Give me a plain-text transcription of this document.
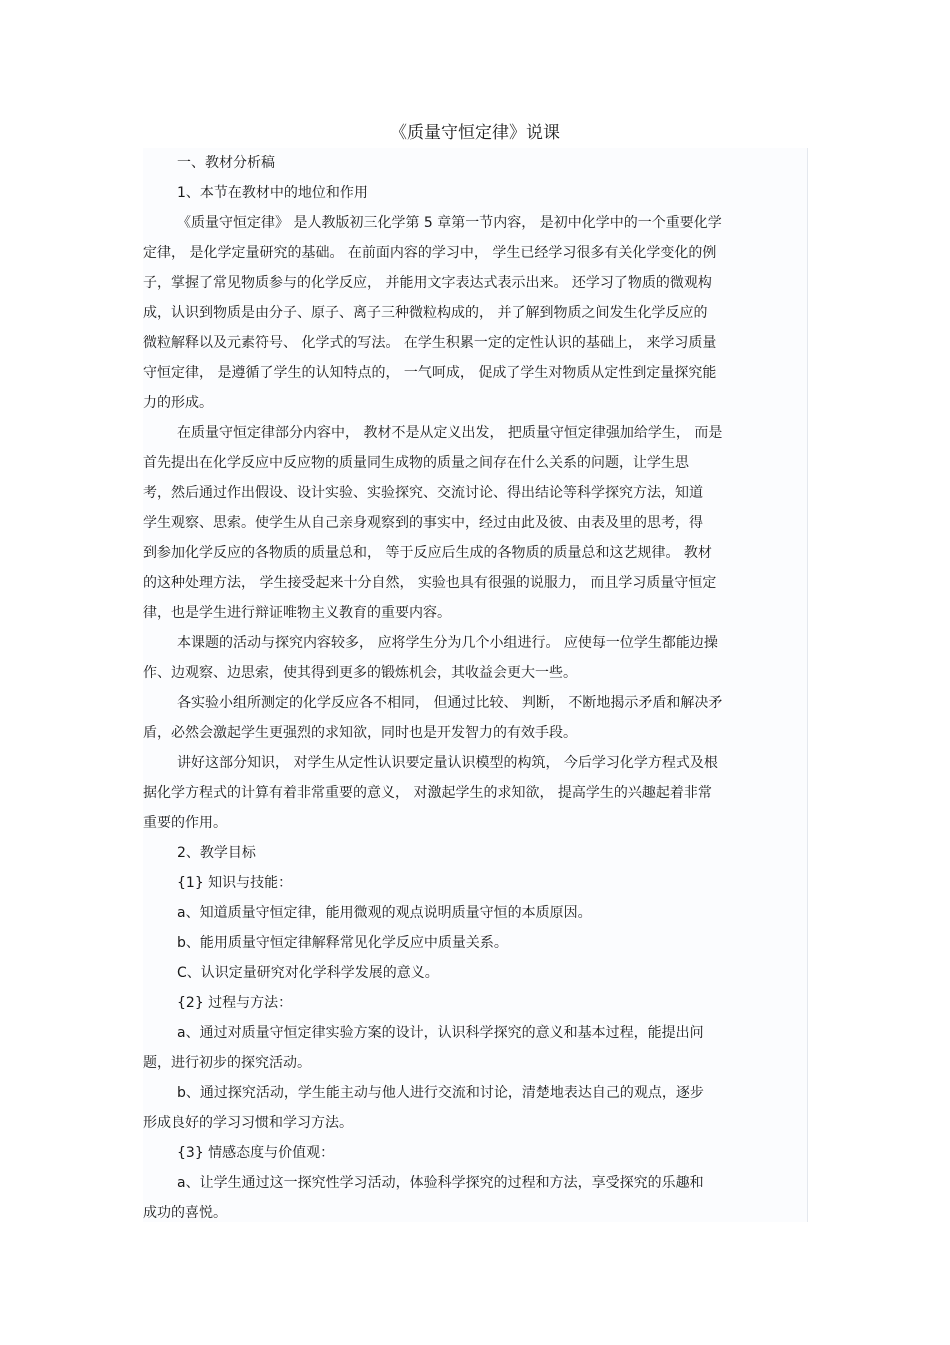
《质量守恒定律》说课
一、教材分析稿
1、本节在教材中的地位和作用
《质量守恒定律》 是人教版初三化学第 5 章第一节内容， 是初中化学中的一个重要化学
定律， 是化学定量研究的基础。 在前面内容的学习中， 学生已经学习很多有关化学变化的例
子，掌握了常见物质参与的化学反应， 并能用文字表达式表示出来。 还学习了物质的微观构
成，认识到物质是由分子、原子、离子三种微粒构成的， 并了解到物质之间发生化学反应的
微粒解释以及元素符号、 化学式的写法。 在学生积累一定的定性认识的基础上， 来学习质量
守恒定律， 是遵循了学生的认知特点的， 一气呵成， 促成了学生对物质从定性到定量探究能
力的形成。
在质量守恒定律部分内容中， 教材不是从定义出发， 把质量守恒定律强加给学生， 而是
首先提出在化学反应中反应物的质量同生成物的质量之间存在什么关系的问题，让学生思
考，然后通过作出假设、设计实验、实验探究、交流讨论、得出结论等科学探究方法，知道
学生观察、思索。使学生从自己亲身观察到的事实中，经过由此及彼、由表及里的思考，得
到参加化学反应的各物质的质量总和， 等于反应后生成的各物质的质量总和这艺规律。 教材
的这种处理方法， 学生接受起来十分自然， 实验也具有很强的说服力， 而且学习质量守恒定
律，也是学生进行辩证唯物主义教育的重要内容。
本课题的活动与探究内容较多， 应将学生分为几个小组进行。 应使每一位学生都能边操
作、边观察、边思索，使其得到更多的锻炼机会，其收益会更大一些。
各实验小组所测定的化学反应各不相同， 但通过比较、 判断， 不断地揭示矛盾和解决矛
盾，必然会激起学生更强烈的求知欲，同时也是开发智力的有效手段。
讲好这部分知识， 对学生从定性认识要定量认识模型的构筑， 今后学习化学方程式及根
据化学方程式的计算有着非常重要的意义， 对激起学生的求知欲， 提高学生的兴趣起着非常
重要的作用。
2、教学目标
{1} 知识与技能：
a、知道质量守恒定律，能用微观的观点说明质量守恒的本质原因。
b、能用质量守恒定律解释常见化学反应中质量关系。
C、认识定量研究对化学科学发展的意义。
{2} 过程与方法：
a、通过对质量守恒定律实验方案的设计，认识科学探究的意义和基本过程，能提出问
题，进行初步的探究活动。
b、通过探究活动，学生能主动与他人进行交流和讨论，清楚地表达自己的观点，逐步
形成良好的学习习惯和学习方法。
{3} 情感态度与价值观：
a、让学生通过这一探究性学习活动，体验科学探究的过程和方法，享受探究的乐趣和
成功的喜悦。
